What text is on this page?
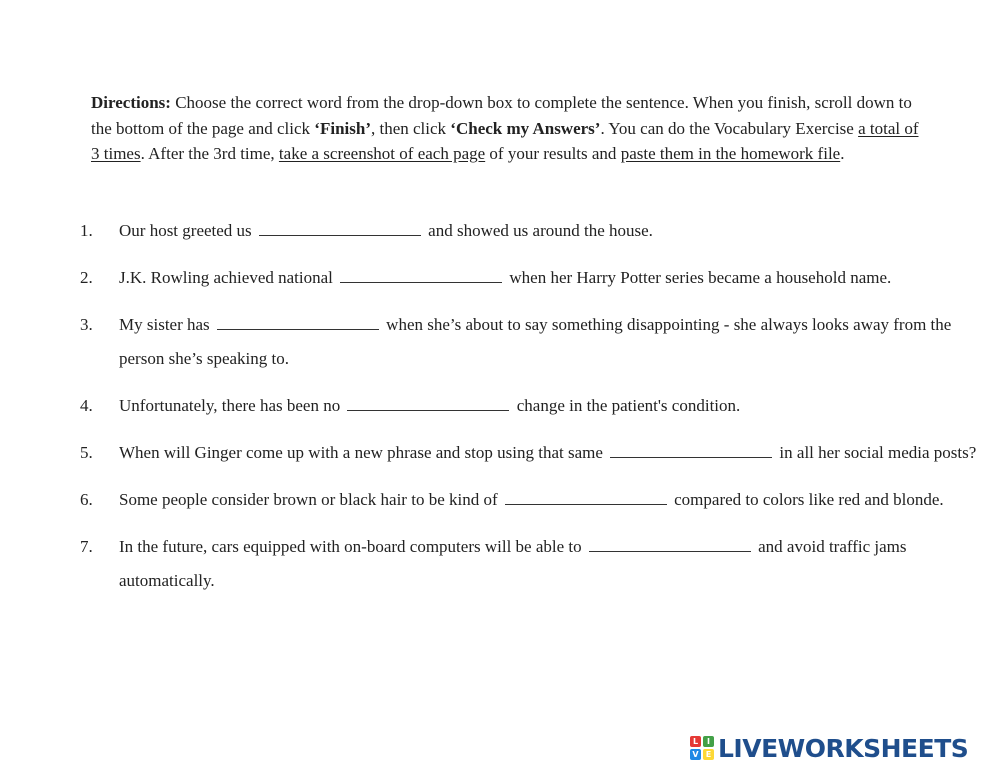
Directions: Choose the correct word from the drop-down box to complete the sentence. When you finish, scroll down to the bottom of the page and click ‘Finish’, then click ‘Check my Answers’. You can do the Vocabulary Exercise a total of 3 times. After the 3rd time, take a screenshot of each page of your results and paste them in the homework file.
1.	Our host greeted us	and showed us around the house.
2.	J.K. Rowling achieved national	when her Harry Potter series became a household name.
3.	My sister has	when she’s about to say something disappointing - she always looks away from the person she’s speaking to.
4.	Unfortunately, there has been no	change in the patient's condition.
5.	When will Ginger come up with a new phrase and stop using that same	in all her social media posts?
6.	Some people consider brown or black hair to be kind of	compared to colors like red and blonde.
7.	In the future, cars equipped with on-board computers will be able to	and avoid traffic jams automatically.
L	I
V E LIVEWORKSHEETS
